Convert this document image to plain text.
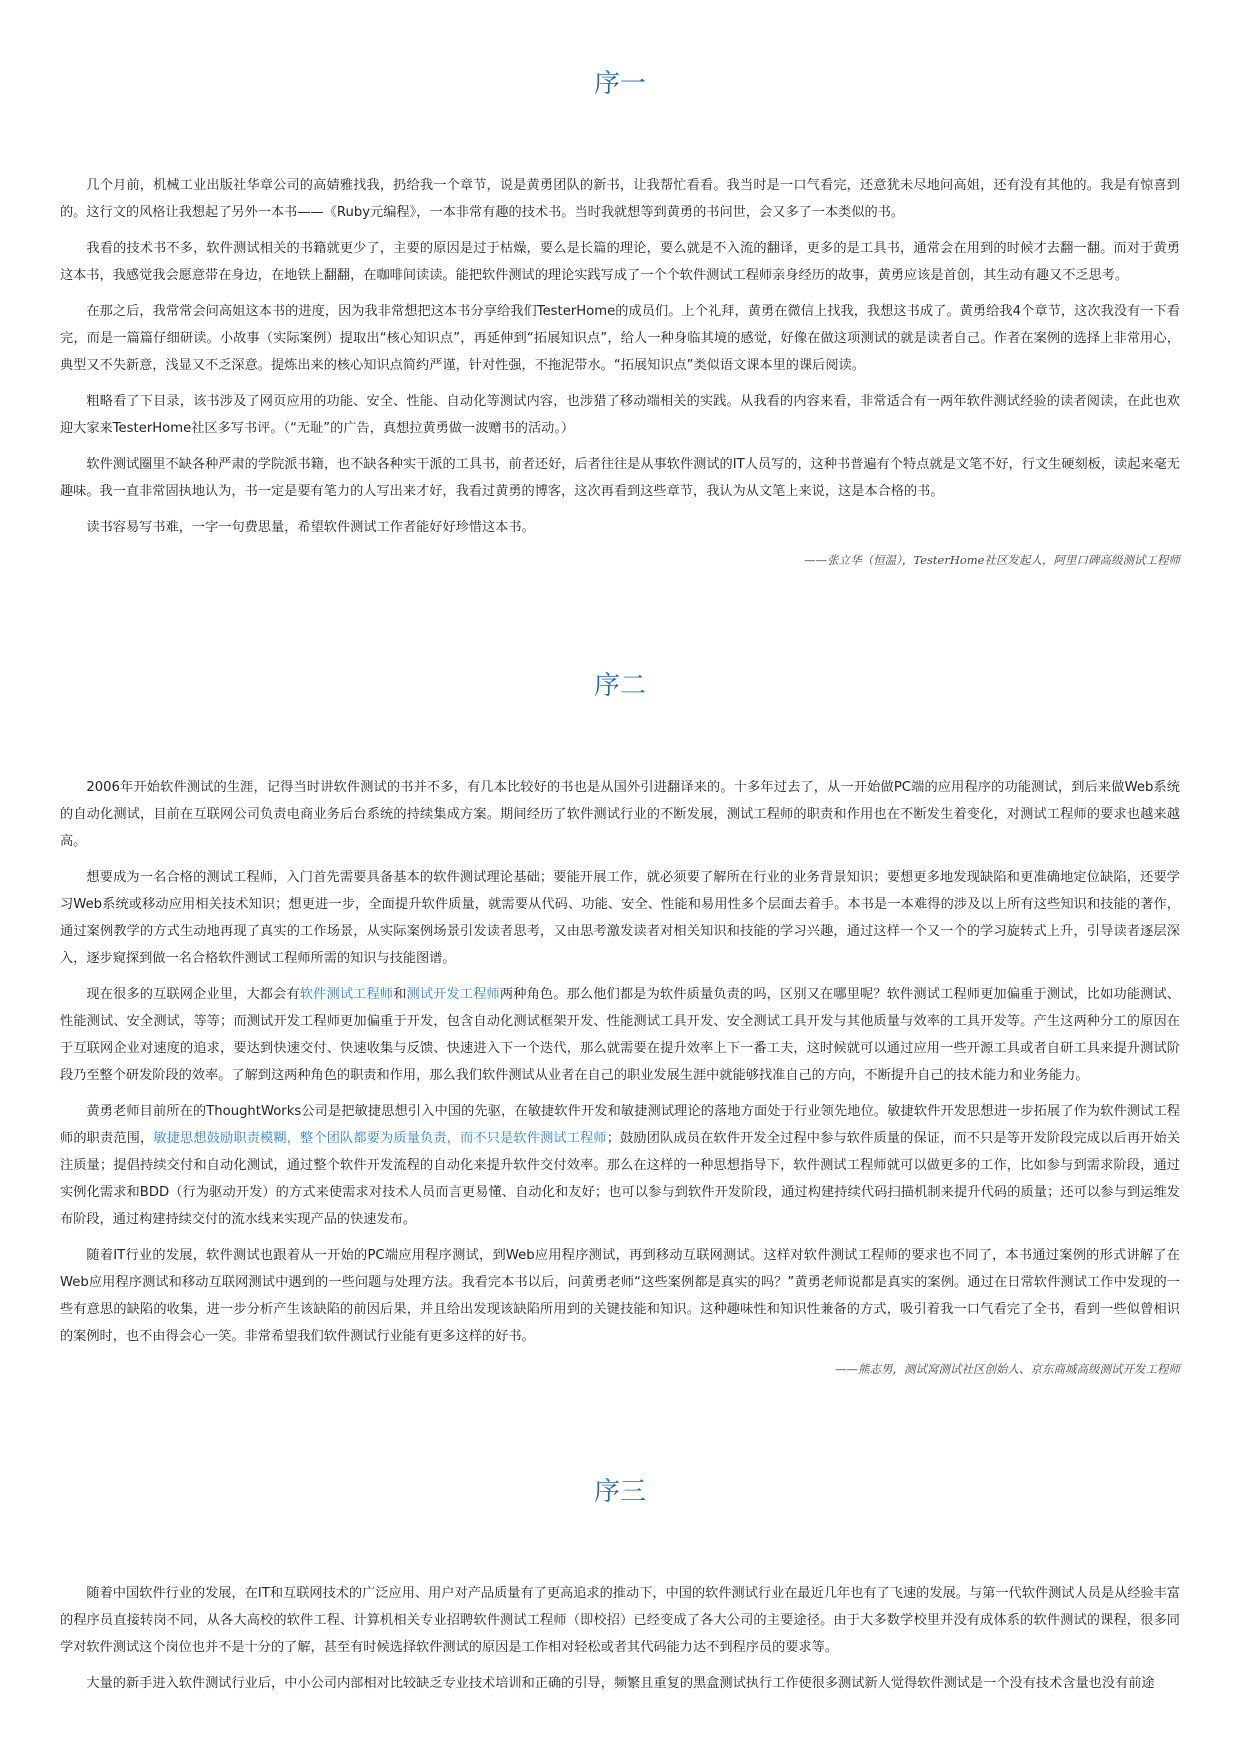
序一

几个月前，机械工业出版社华章公司的高婧雅找我，扔给我一个章节，说是黄勇团队的新书，让我帮忙看看。我当时是一口气看完，还意犹未尽地问高姐，还有没有其他的。我是有惊喜到的。这行文的风格让我想起了另外一本书——《Ruby元编程》，一本非常有趣的技术书。当时我就想等到黄勇的书问世，会又多了一本类似的书。

我看的技术书不多，软件测试相关的书籍就更少了，主要的原因是过于枯燥，要么是长篇的理论，要么就是不入流的翻译，更多的是工具书，通常会在用到的时候才去翻一翻。而对于黄勇这本书，我感觉我会愿意带在身边，在地铁上翻翻，在咖啡间读读。能把软件测试的理论实践写成了一个个软件测试工程师亲身经历的故事，黄勇应该是首创，其生动有趣又不乏思考。

在那之后，我常常会问高姐这本书的进度，因为我非常想把这本书分享给我们TesterHome的成员们。上个礼拜，黄勇在微信上找我，我想这书成了。黄勇给我4个章节，这次我没有一下看完，而是一篇篇仔细研读。小故事（实际案例）提取出“核心知识点”，再延伸到“拓展知识点”，给人一种身临其境的感觉，好像在做这项测试的就是读者自己。作者在案例的选择上非常用心，典型又不失新意，浅显又不乏深意。提炼出来的核心知识点简约严谨，针对性强，不拖泥带水。“拓展知识点”类似语文课本里的课后阅读。

粗略看了下目录，该书涉及了网页应用的功能、安全、性能、自动化等测试内容，也涉猎了移动端相关的实践。从我看的内容来看，非常适合有一两年软件测试经验的读者阅读，在此也欢迎大家来TesterHome社区多写书评。（“无耻”的广告，真想拉黄勇做一波赠书的活动。）

软件测试圈里不缺各种严肃的学院派书籍，也不缺各种实干派的工具书，前者还好，后者往往是从事软件测试的IT人员写的，这种书普遍有个特点就是文笔不好，行文生硬刻板，读起来毫无趣味。我一直非常固执地认为，书一定是要有笔力的人写出来才好，我看过黄勇的博客，这次再看到这些章节，我认为从文笔上来说，这是本合格的书。

读书容易写书难，一字一句费思量，希望软件测试工作者能好好珍惜这本书。

——张立华（恒温），TesterHome社区发起人，阿里口碑高级测试工程师

序二

2006年开始软件测试的生涯，记得当时讲软件测试的书并不多，有几本比较好的书也是从国外引进翻译来的。十多年过去了，从一开始做PC端的应用程序的功能测试，到后来做Web系统的自动化测试，目前在互联网公司负责电商业务后台系统的持续集成方案。期间经历了软件测试行业的不断发展，测试工程师的职责和作用也在不断发生着变化，对测试工程师的要求也越来越高。

想要成为一名合格的测试工程师，入门首先需要具备基本的软件测试理论基础；要能开展工作，就必须要了解所在行业的业务背景知识；要想更多地发现缺陷和更准确地定位缺陷，还要学习Web系统或移动应用相关技术知识；想更进一步，全面提升软件质量，就需要从代码、功能、安全、性能和易用性多个层面去着手。本书是一本难得的涉及以上所有这些知识和技能的著作，通过案例教学的方式生动地再现了真实的工作场景，从实际案例场景引发读者思考，又由思考激发读者对相关知识和技能的学习兴趣，通过这样一个又一个的学习旋转式上升，引导读者逐层深入，逐步窥探到做一名合格软件测试工程师所需的知识与技能图谱。

现在很多的互联网企业里，大都会有软件测试工程师和测试开发工程师两种角色。那么他们都是为软件质量负责的吗，区别又在哪里呢？软件测试工程师更加偏重于测试，比如功能测试、性能测试、安全测试，等等；而测试开发工程师更加偏重于开发，包含自动化测试框架开发、性能测试工具开发、安全测试工具开发与其他质量与效率的工具开发等。产生这两种分工的原因在于互联网企业对速度的追求，要达到快速交付、快速收集与反馈、快速进入下一个迭代，那么就需要在提升效率上下一番工夫，这时候就可以通过应用一些开源工具或者自研工具来提升测试阶段乃至整个研发阶段的效率。了解到这两种角色的职责和作用，那么我们软件测试从业者在自己的职业发展生涯中就能够找准自己的方向，不断提升自己的技术能力和业务能力。

黄勇老师目前所在的ThoughtWorks公司是把敏捷思想引入中国的先驱，在敏捷软件开发和敏捷测试理论的落地方面处于行业领先地位。敏捷软件开发思想进一步拓展了作为软件测试工程师的职责范围，敏捷思想鼓励职责模糊，整个团队都要为质量负责，而不只是软件测试工程师；鼓励团队成员在软件开发全过程中参与软件质量的保证，而不只是等开发阶段完成以后再开始关注质量；提倡持续交付和自动化测试，通过整个软件开发流程的自动化来提升软件交付效率。那么在这样的一种思想指导下，软件测试工程师就可以做更多的工作，比如参与到需求阶段，通过实例化需求和BDD（行为驱动开发）的方式来使需求对技术人员而言更易懂、自动化和友好；也可以参与到软件开发阶段，通过构建持续代码扫描机制来提升代码的质量；还可以参与到运维发布阶段，通过构建持续交付的流水线来实现产品的快速发布。

随着IT行业的发展，软件测试也跟着从一开始的PC端应用程序测试，到Web应用程序测试，再到移动互联网测试。这样对软件测试工程师的要求也不同了，本书通过案例的形式讲解了在Web应用程序测试和移动互联网测试中遇到的一些问题与处理方法。我看完本书以后，问黄勇老师“这些案例都是真实的吗？”黄勇老师说都是真实的案例。通过在日常软件测试工作中发现的一些有意思的缺陷的收集，进一步分析产生该缺陷的前因后果，并且给出发现该缺陷所用到的关键技能和知识。这种趣味性和知识性兼备的方式，吸引着我一口气看完了全书，看到一些似曾相识的案例时，也不由得会心一笑。非常希望我们软件测试行业能有更多这样的好书。

——熊志男，测试窝测试社区创始人、京东商城高级测试开发工程师

序三

随着中国软件行业的发展，在IT和互联网技术的广泛应用、用户对产品质量有了更高追求的推动下，中国的软件测试行业在最近几年也有了飞速的发展。与第一代软件测试人员是从经验丰富的程序员直接转岗不同，从各大高校的软件工程、计算机相关专业招聘软件测试工程师（即校招）已经变成了各大公司的主要途径。由于大多数学校里并没有成体系的软件测试的课程，很多同学对软件测试这个岗位也并不是十分的了解，甚至有时候选择软件测试的原因是工作相对轻松或者其代码能力达不到程序员的要求等。

大量的新手进入软件测试行业后，中小公司内部相对比较缺乏专业技术培训和正确的引导，频繁且重复的黑盒测试执行工作使很多测试新人觉得软件测试是一个没有技术含量也没有前途
